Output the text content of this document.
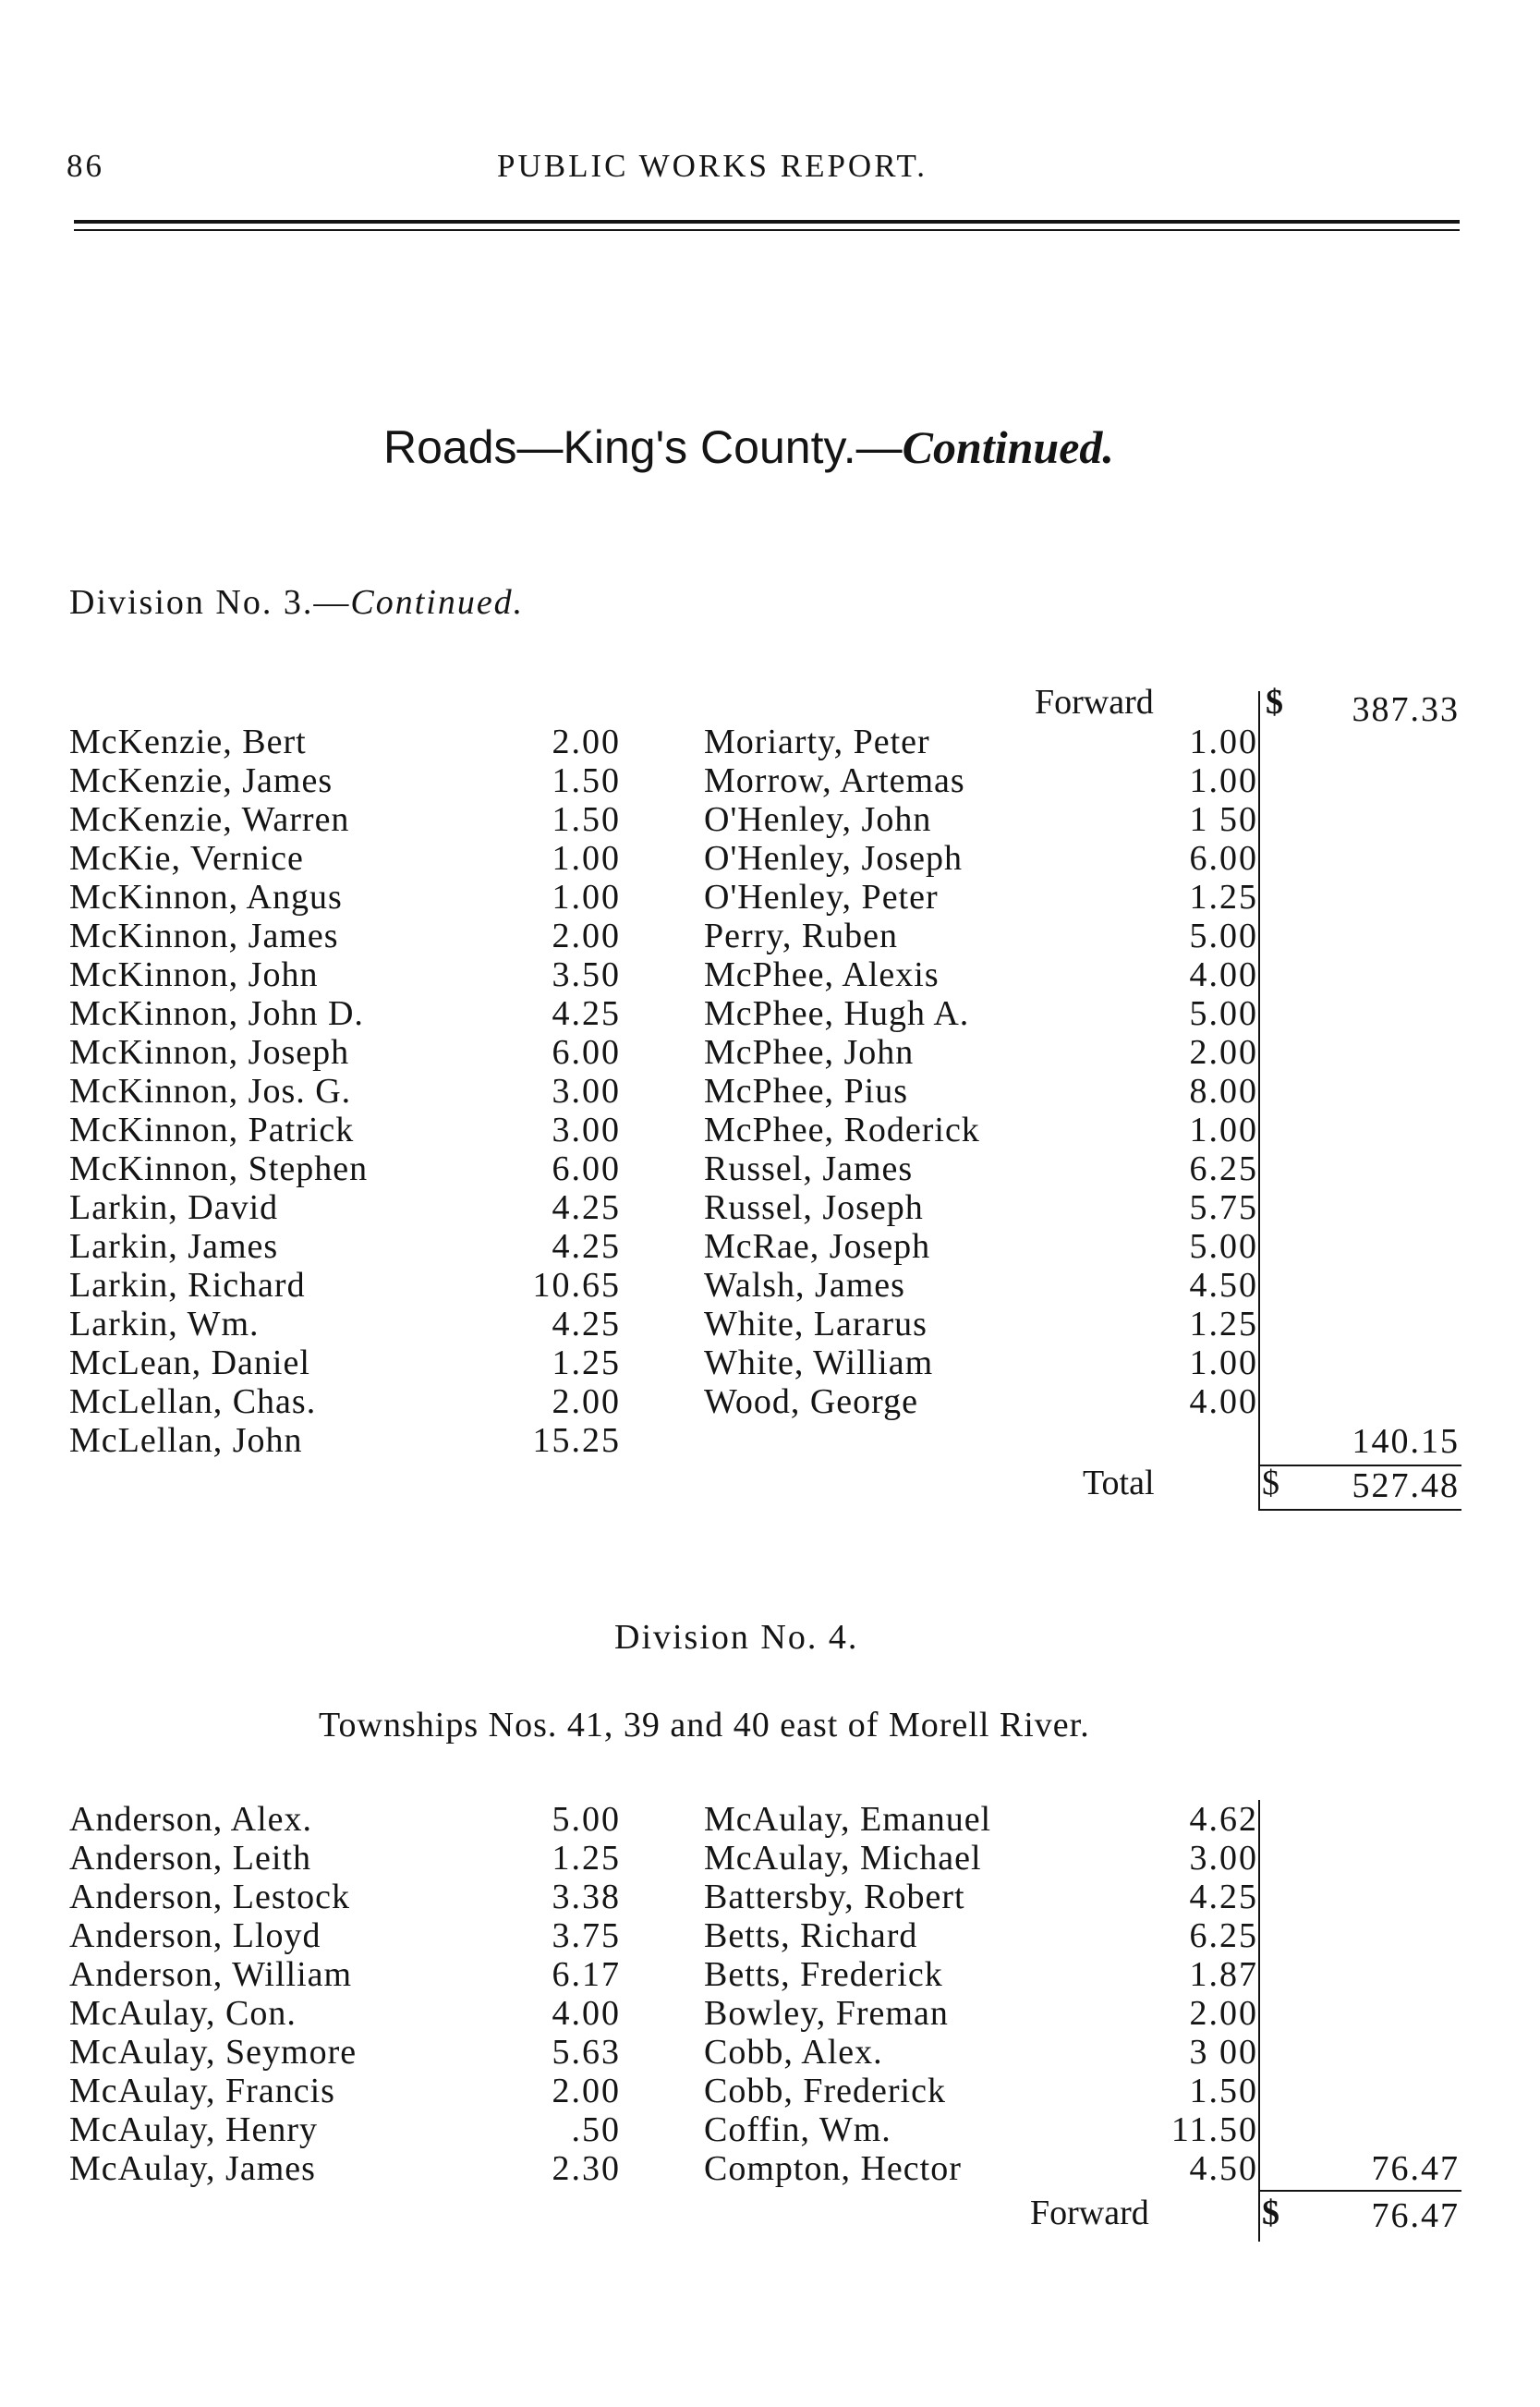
86	PUBLIC WORKS REPORT.
Roads—King's County.—Continued.
Division No. 3.—Continued.
Forward	$ 387.33
McKenzie, Bert	2.00
McKenzie, James	1.50
McKenzie, Warren	1.50
McKie, Vernice	1.00
McKinnon, Angus	1.00
McKinnon, James	2.00
McKinnon, John	3.50
McKinnon, John D.	4.25
McKinnon, Joseph	6.00
McKinnon, Jos. G.	3.00
McKinnon, Patrick	3.00
McKinnon, Stephen	6.00
Larkin, David	4.25
Larkin, James	4.25
Larkin, Richard	10.65
Larkin, Wm.	4.25
McLean, Daniel	1.25
McLellan, Chas.	2.00
McLellan, John	15.25
Moriarty, Peter	1.00
Morrow, Artemas	1.00
O'Henley, John	1 50
O'Henley, Joseph	6.00
O'Henley, Peter	1.25
Perry, Ruben	5.00
McPhee, Alexis	4.00
McPhee, Hugh A.	5.00
McPhee, John	2.00
McPhee, Pius	8.00
McPhee, Roderick	1.00
Russel, James	6.25
Russel, Joseph	5.75
McRae, Joseph	5.00
Walsh, James	4.50
White, Lararus	1.25
White, William	1.00
Wood, George	4.00
140.15
Total	$	527.48
Division No. 4.
Townships Nos. 41, 39 and 40 east of Morell River.
Anderson, Alex.	5.00
Anderson, Leith	1.25
Anderson, Lestock	3.38
Anderson, Lloyd	3.75
Anderson, William	6.17
McAulay, Con.	4.00
McAulay, Seymore	5.63
McAulay, Francis	2.00
McAulay, Henry	.50
McAulay, James	2.30
McAulay, Emanuel	4.62
McAulay, Michael	3.00
Battersby, Robert	4.25
Betts, Richard	6.25
Betts, Frederick	1.87
Bowley, Freman	2.00
Cobb, Alex.	3 00
Cobb, Frederick	1.50
Coffin, Wm.	11.50
Compton, Hector	4.50	76.47
Forward	$	76.47
